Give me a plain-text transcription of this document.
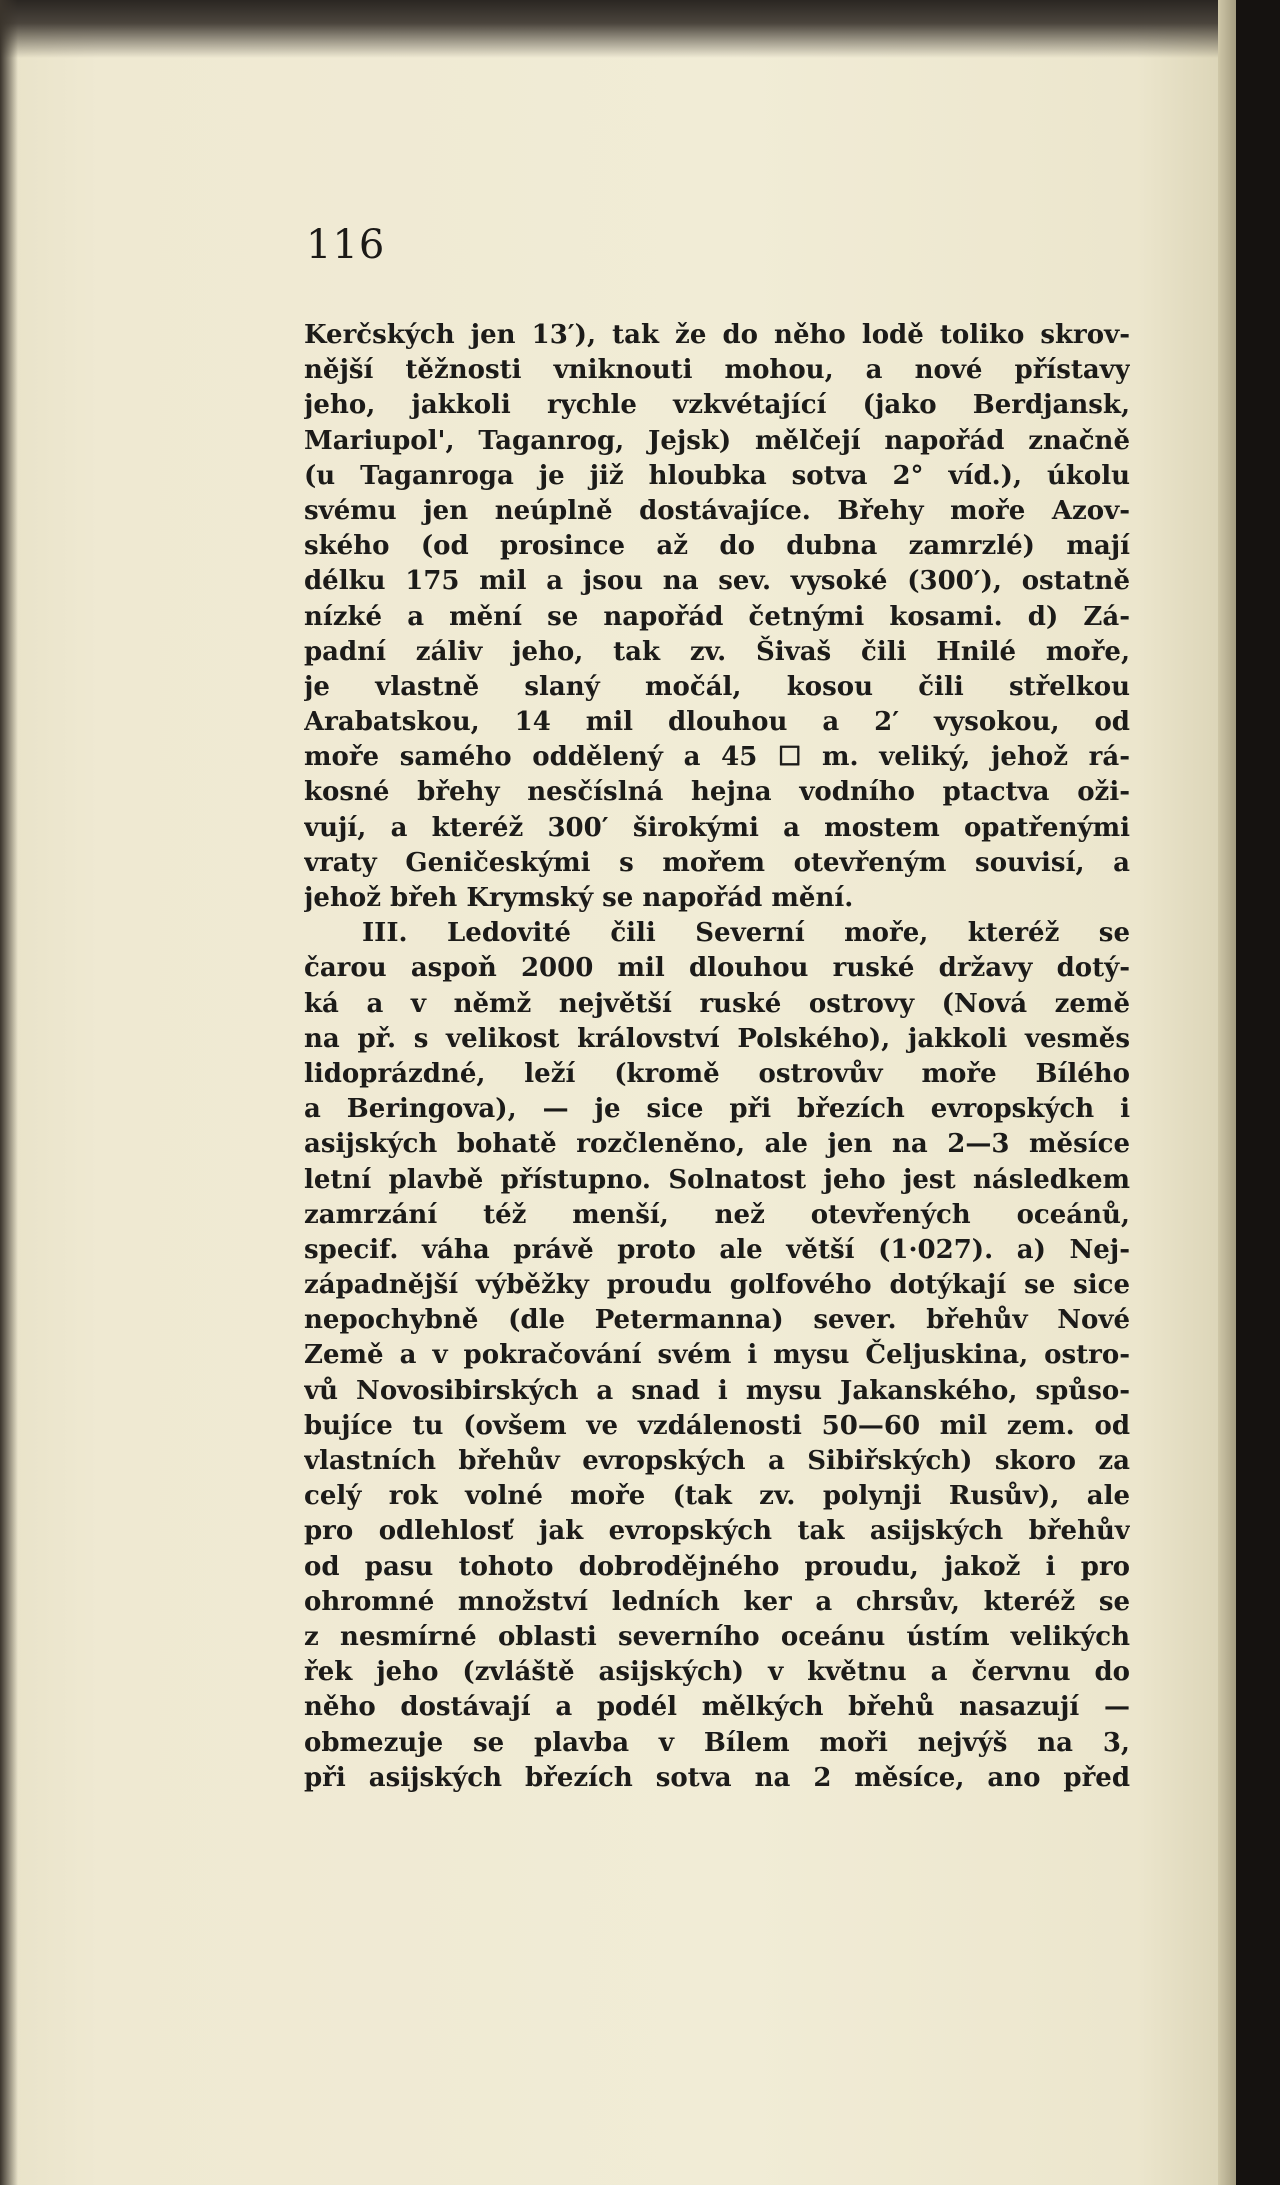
116
Kerčských jen 13′), tak že do něho lodě toliko skrov-
nější těžnosti vniknouti mohou, a nové přístavy
jeho, jakkoli rychle vzkvétající (jako Berdjansk,
Mariupol', Taganrog, Jejsk) mělčejí napořád značně
(u Taganroga je již hloubka sotva 2° víd.), úkolu
svému jen neúplně dostávajíce. Břehy moře Azov-
ského (od prosince až do dubna zamrzlé) mají
délku 175 mil a jsou na sev. vysoké (300′), ostatně
nízké a mění se napořád četnými kosami. d) Zá-
padní záliv jeho, tak zv. Šivaš čili Hnilé moře,
je vlastně slaný močál, kosou čili střelkou
Arabatskou, 14 mil dlouhou a 2′ vysokou, od
moře samého oddělený a 45 ☐ m. veliký, jehož rá-
kosné břehy nesčíslná hejna vodního ptactva oži-
vují, a kteréž 300′ širokými a mostem opatřenými
vraty Geničeskými s mořem otevřeným souvisí, a
jehož břeh Krymský se napořád mění.
III. Ledovité čili Severní moře, kteréž se
čarou aspoň 2000 mil dlouhou ruské državy dotý-
ká a v němž největší ruské ostrovy (Nová země
na př. s velikost království Polského), jakkoli vesměs
lidoprázdné, leží (kromě ostrovův moře Bílého
a Beringova), — je sice při březích evropských i
asijských bohatě rozčleněno, ale jen na 2—3 měsíce
letní plavbě přístupno. Solnatost jeho jest následkem
zamrzání též menší, než otevřených oceánů,
specif. váha právě proto ale větší (1·027). a) Nej-
západnější výběžky proudu golfového dotýkají se sice
nepochybně (dle Petermanna) sever. břehův Nové
Země a v pokračování svém i mysu Čeljuskina, ostro-
vů Novosibirských a snad i mysu Jakanského, spůso-
bujíce tu (ovšem ve vzdálenosti 50—60 mil zem. od
vlastních břehův evropských a Sibiřských) skoro za
celý rok volné moře (tak zv. polynji Rusův), ale
pro odlehlosť jak evropských tak asijských břehův
od pasu tohoto dobrodějného proudu, jakož i pro
ohromné množství ledních ker a chrsův, kteréž se
z nesmírné oblasti severního oceánu ústím velikých
řek jeho (zvláště asijských) v květnu a červnu do
něho dostávají a podél mělkých břehů nasazují —
obmezuje se plavba v Bílem moři nejvýš na 3,
při asijských březích sotva na 2 měsíce, ano před
